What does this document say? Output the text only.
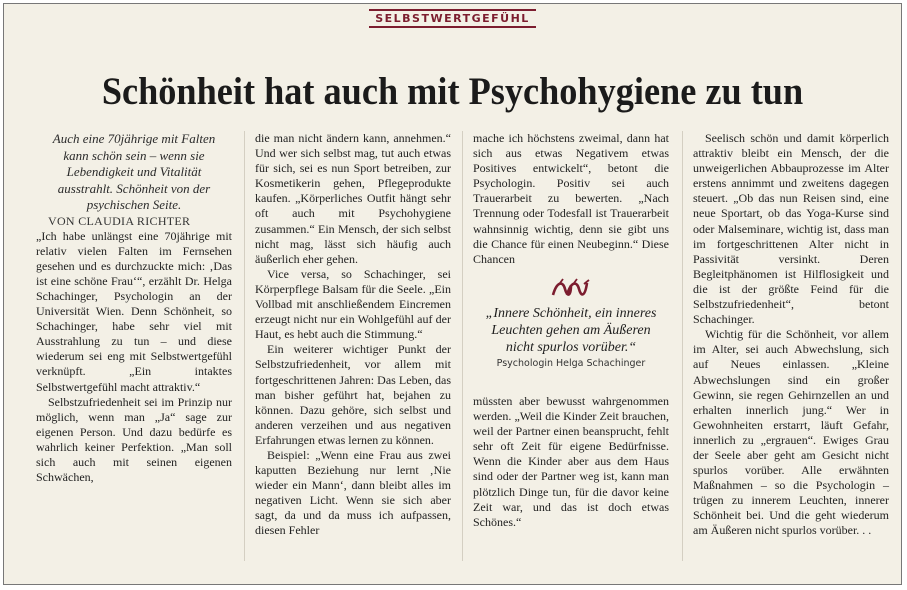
SELBSTWERTGEFÜHL
Schönheit hat auch mit Psychohygiene zu tun

Auch eine 70jährige mit Falten kann schön sein – wenn sie Lebendigkeit und Vitalität ausstrahlt. Schönheit von der psychischen Seite.

VON CLAUDIA RICHTER

„Ich habe unlängst eine 70jährige mit relativ vielen Falten im Fernsehen gesehen und es durchzuckte mich: ‚Das ist eine schöne Frau‘“, erzählt Dr. Helga Schachinger, Psychologin an der Universität Wien. Denn Schönheit, so Schachinger, habe sehr viel mit Ausstrahlung zu tun – und diese wiederum sei eng mit Selbstwertgefühl verknüpft. „Ein intaktes Selbstwertgefühl macht attraktiv.“

Selbstzufriedenheit sei im Prinzip nur möglich, wenn man „Ja“ sage zur eigenen Person. Und dazu bedürfe es wahrlich keiner Perfektion. „Man soll sich auch mit seinen eigenen Schwächen,

die man nicht ändern kann, annehmen.“ Und wer sich selbst mag, tut auch etwas für sich, sei es nun Sport betreiben, zur Kosmetikerin gehen, Pflegeprodukte kaufen. „Körperliches Outfit hängt sehr oft auch mit Psychohygiene zusammen.“ Ein Mensch, der sich selbst nicht mag, lässt sich häufig auch äußerlich eher gehen.

Vice versa, so Schachinger, sei Körperpflege Balsam für die Seele. „Ein Vollbad mit anschließendem Eincremen erzeugt nicht nur ein Wohlgefühl auf der Haut, es hebt auch die Stimmung.“

Ein weiterer wichtiger Punkt der Selbstzufriedenheit, vor allem mit fortgeschrittenen Jahren: Das Leben, das man bisher geführt hat, bejahen zu können. Dazu gehöre, sich selbst und anderen verzeihen und aus negativen Erfahrungen etwas lernen zu können.

Beispiel: „Wenn eine Frau aus zwei kaputten Beziehung nur lernt ‚Nie wieder ein Mann‘, dann bleibt alles im negativen Licht. Wenn sie sich aber sagt, da und da muss ich aufpassen, diesen Fehler

mache ich höchstens zweimal, dann hat sich aus etwas Negativem etwas Positives entwickelt“, betont die Psychologin. Positiv sei auch Trauerarbeit zu bewerten. „Nach Trennung oder Todesfall ist Trauerarbeit wahnsinnig wichtig, denn sie gibt uns die Chance für einen Neubeginn.“ Diese Chancen

„Innere Schönheit, ein inneres Leuchten gehen am Äußeren nicht spurlos vorüber.“

Psychologin Helga Schachinger

müssten aber bewusst wahrgenommen werden. „Weil die Kinder Zeit brauchen, weil der Partner einen beansprucht, fehlt sehr oft Zeit für eigene Bedürfnisse. Wenn die Kinder aber aus dem Haus sind oder der Partner weg ist, kann man plötzlich Dinge tun, für die davor keine Zeit war, und das ist doch etwas Schönes.“

Seelisch schön und damit körperlich attraktiv bleibt ein Mensch, der die unweigerlichen Abbauprozesse im Alter erstens annimmt und zweitens dagegen steuert. „Ob das nun Reisen sind, eine neue Sportart, ob das Yoga-Kurse sind oder Malseminare, wichtig ist, dass man im fortgeschrittenen Alter nicht in Passivität versinkt. Deren Begleitphänomen ist Hilflosigkeit und die ist der größte Feind für die Selbstzufriedenheit“, betont Schachinger.

Wichtig für die Schönheit, vor allem im Alter, sei auch Abwechslung, sich auf Neues einlassen. „Kleine Abwechslungen sind ein großer Gewinn, sie regen Gehirnzellen an und erhalten innerlich jung.“ Wer in Gewohnheiten erstarrt, läuft Gefahr, innerlich zu „ergrauen“. Ewiges Grau der Seele aber geht am Gesicht nicht spurlos vorüber. Alle erwähnten Maßnahmen – so die Psychologin – trügen zu innerem Leuchten, innerer Schönheit bei. Und die geht wiederum am Äußeren nicht spurlos vorüber. . .
